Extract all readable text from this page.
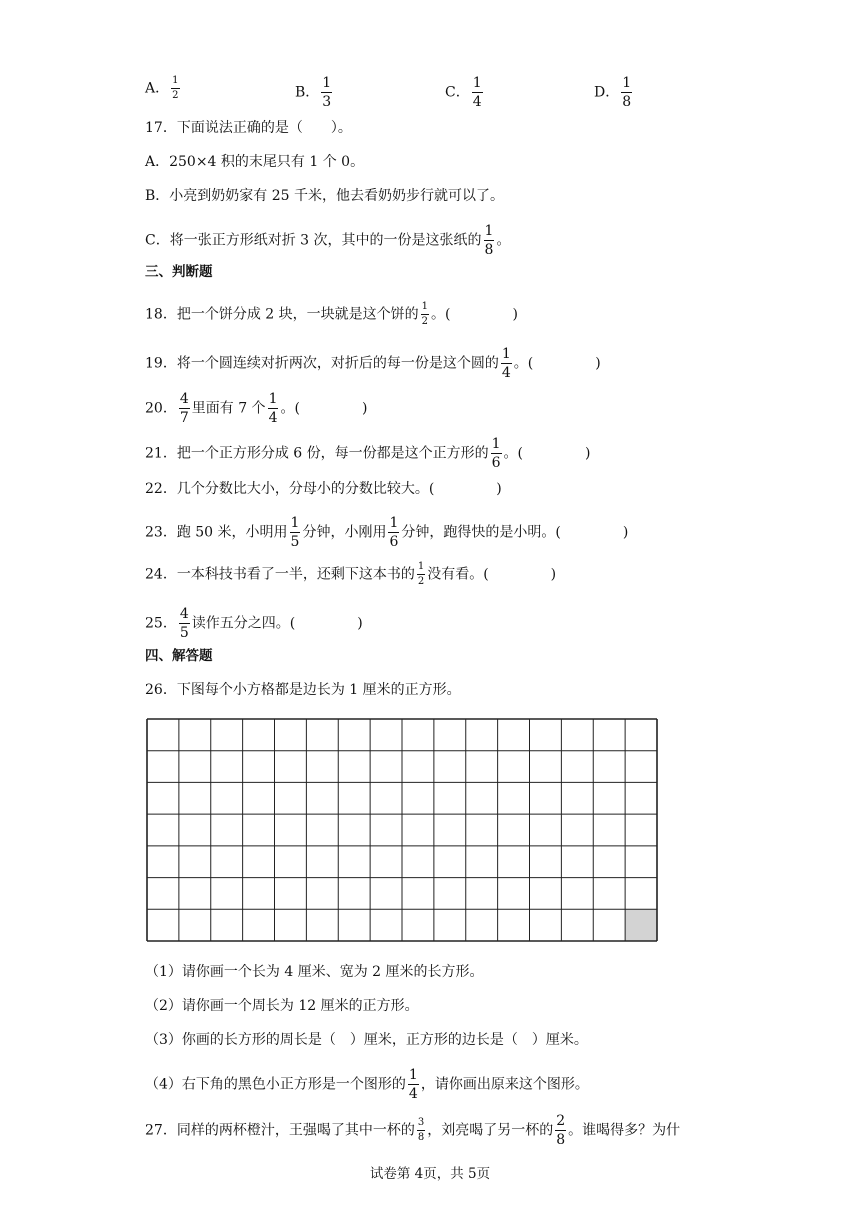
A． $\frac{1}{2}$	B． $\frac{1}{3}$	C． $\frac{1}{4}$	D． $\frac{1}{8}$
17．下面说法正确的是（　　）。
A．250×4 积的末尾只有 1 个 0。
B．小亮到奶奶家有 25 千米，他去看奶奶步行就可以了。
C．将一张正方形纸对折 3 次，其中的一份是这张纸的 $\frac{1}{8}$ 。
三、判断题
18．把一个饼分成 2 块，一块就是这个饼的 $\frac{1}{2}$ 。(	)
19．将一个圆连续对折两次，对折后的每一份是这个圆的 $\frac{1}{4}$ 。(	)
20． $\frac{4}{7}$ 里面有 7 个 $\frac{1}{4}$ 。(	)
21．把一个正方形分成 6 份，每一份都是这个正方形的 $\frac{1}{6}$ 。(	)
22．几个分数比大小，分母小的分数比较大。(	)
23．跑 50 米，小明用 $\frac{1}{5}$ 分钟，小刚用 $\frac{1}{6}$ 分钟，跑得快的是小明。(	)
24．一本科技书看了一半，还剩下这本书的 $\frac{1}{2}$ 没有看。(	)
25． $\frac{4}{5}$ 读作五分之四。(	)
四、解答题
26．下图每个小方格都是边长为 1 厘米的正方形。
（1）请你画一个长为 4 厘米、宽为 2 厘米的长方形。
（2）请你画一个周长为 12 厘米的正方形。
（3）你画的长方形的周长是（　）厘米，正方形的边长是（　）厘米。
（4）右下角的黑色小正方形是一个图形的 $\frac{1}{4}$ ，请你画出原来这个图形。
27．同样的两杯橙汁，王强喝了其中一杯的 $\frac{3}{8}$ ，刘亮喝了另一杯的 $\frac{2}{8}$ 。谁喝得多？为什
试卷第 4页，共 5页
